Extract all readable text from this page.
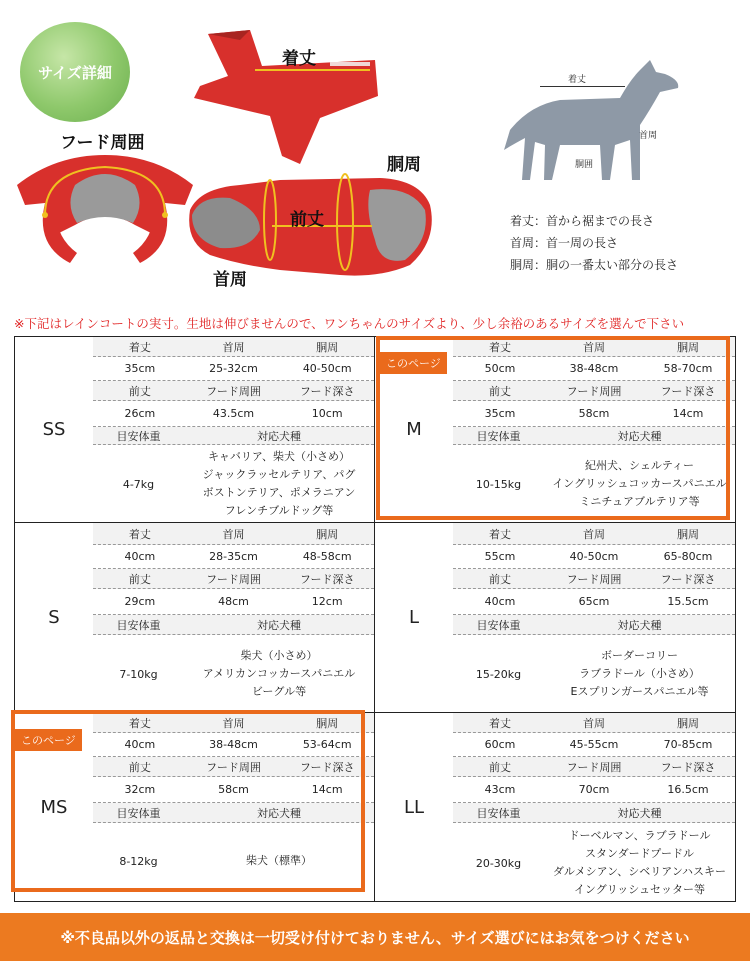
サイズ詳細
着丈
フード周囲
胴周
前丈
首周
着丈
首周
胴囲
着丈：首から裾までの長さ
首周：首一周の長さ
胴周：胴の一番太い部分の長さ
※下記はレインコートの実寸。生地は伸びませんので、ワンちゃんのサイズより、少し余裕のあるサイズを選んで下さい
SS
着丈	首周	胴周
35cm	25-32cm	40-50cm
前丈	フード周囲	フード深さ
26cm	43.5cm	10cm
目安体重	対応犬種
4-7kg
キャバリア、柴犬（小さめ）
ジャックラッセルテリア、パグ
ボストンテリア、ポメラニアン
フレンチブルドッグ等
S
着丈	首周	胴周
40cm	28-35cm	48-58cm
前丈	フード周囲	フード深さ
29cm	48cm	12cm
目安体重	対応犬種
7-10kg
柴犬（小さめ）
アメリカンコッカースパニエル
ビーグル等
MS
着丈	首周	胴周
40cm	38-48cm	53-64cm
前丈	フード周囲	フード深さ
32cm	58cm	14cm
目安体重	対応犬種
8-12kg	柴犬（標準）
このページ
M
着丈	首周	胴周
50cm	38-48cm	58-70cm
前丈	フード周囲	フード深さ
35cm	58cm	14cm
目安体重	対応犬種
10-15kg
紀州犬、シェルティー
イングリッシュコッカースパニエル
ミニチュアブルテリア等
このページ
L
着丈	首周	胴周
55cm	40-50cm	65-80cm
前丈	フード周囲	フード深さ
40cm	65cm	15.5cm
目安体重	対応犬種
15-20kg
ボーダーコリー
ラブラドール（小さめ）
Eスプリンガースパニエル等
LL
着丈	首周	胴周
60cm	45-55cm	70-85cm
前丈	フード周囲	フード深さ
43cm	70cm	16.5cm
目安体重	対応犬種
20-30kg
ドーベルマン、ラブラドール
スタンダードプードル
ダルメシアン、シベリアンハスキー
イングリッシュセッター等
※不良品以外の返品と交換は一切受け付けておりません、サイズ選びにはお気をつけください
